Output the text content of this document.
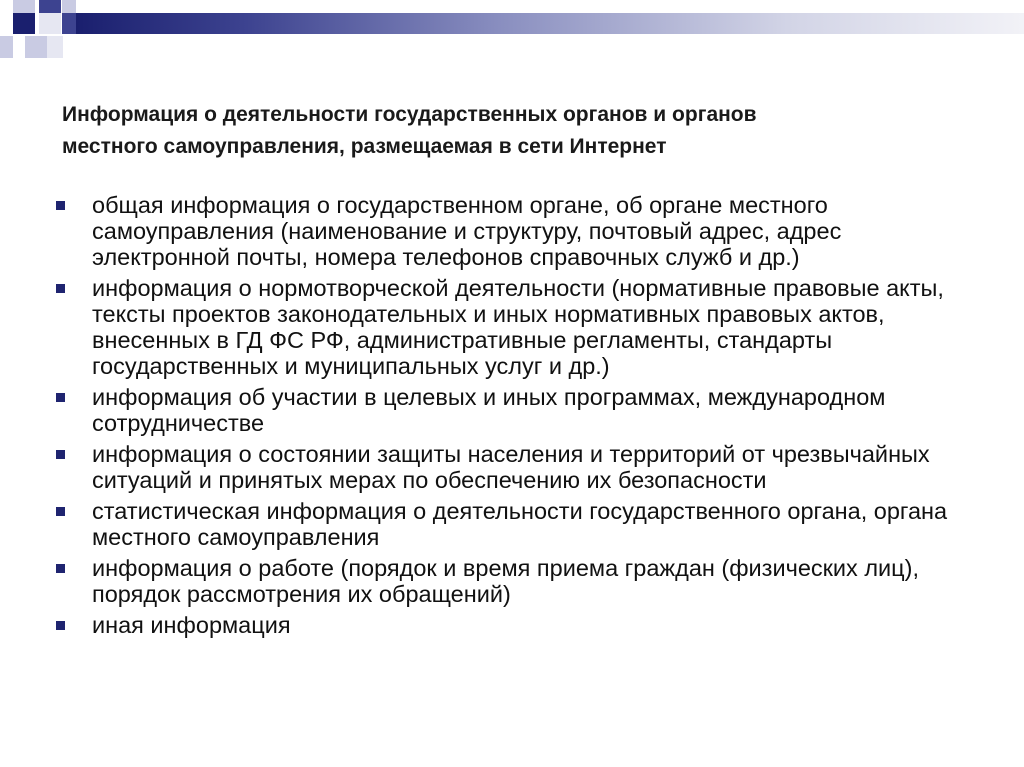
Информация о деятельности государственных органов и органов
местного самоуправления, размещаемая в сети Интернет
общая информация о государственном органе, об органе местного самоуправления (наименование и структуру, почтовый адрес, адрес электронной почты, номера телефонов справочных служб и др.)
информация о нормотворческой деятельности (нормативные правовые акты, тексты проектов законодательных и иных нормативных правовых актов, внесенных в ГД ФС РФ, административные регламенты, стандарты государственных и муниципальных услуг и др.)
информация об участии в целевых и иных программах, международном сотрудничестве
информация о состоянии защиты населения и территорий от чрезвычайных ситуаций и принятых мерах по обеспечению их безопасности
статистическая информация о деятельности государственного органа, органа местного самоуправления
информация о работе (порядок и время приема граждан (физических лиц), порядок рассмотрения их обращений)
иная информация
